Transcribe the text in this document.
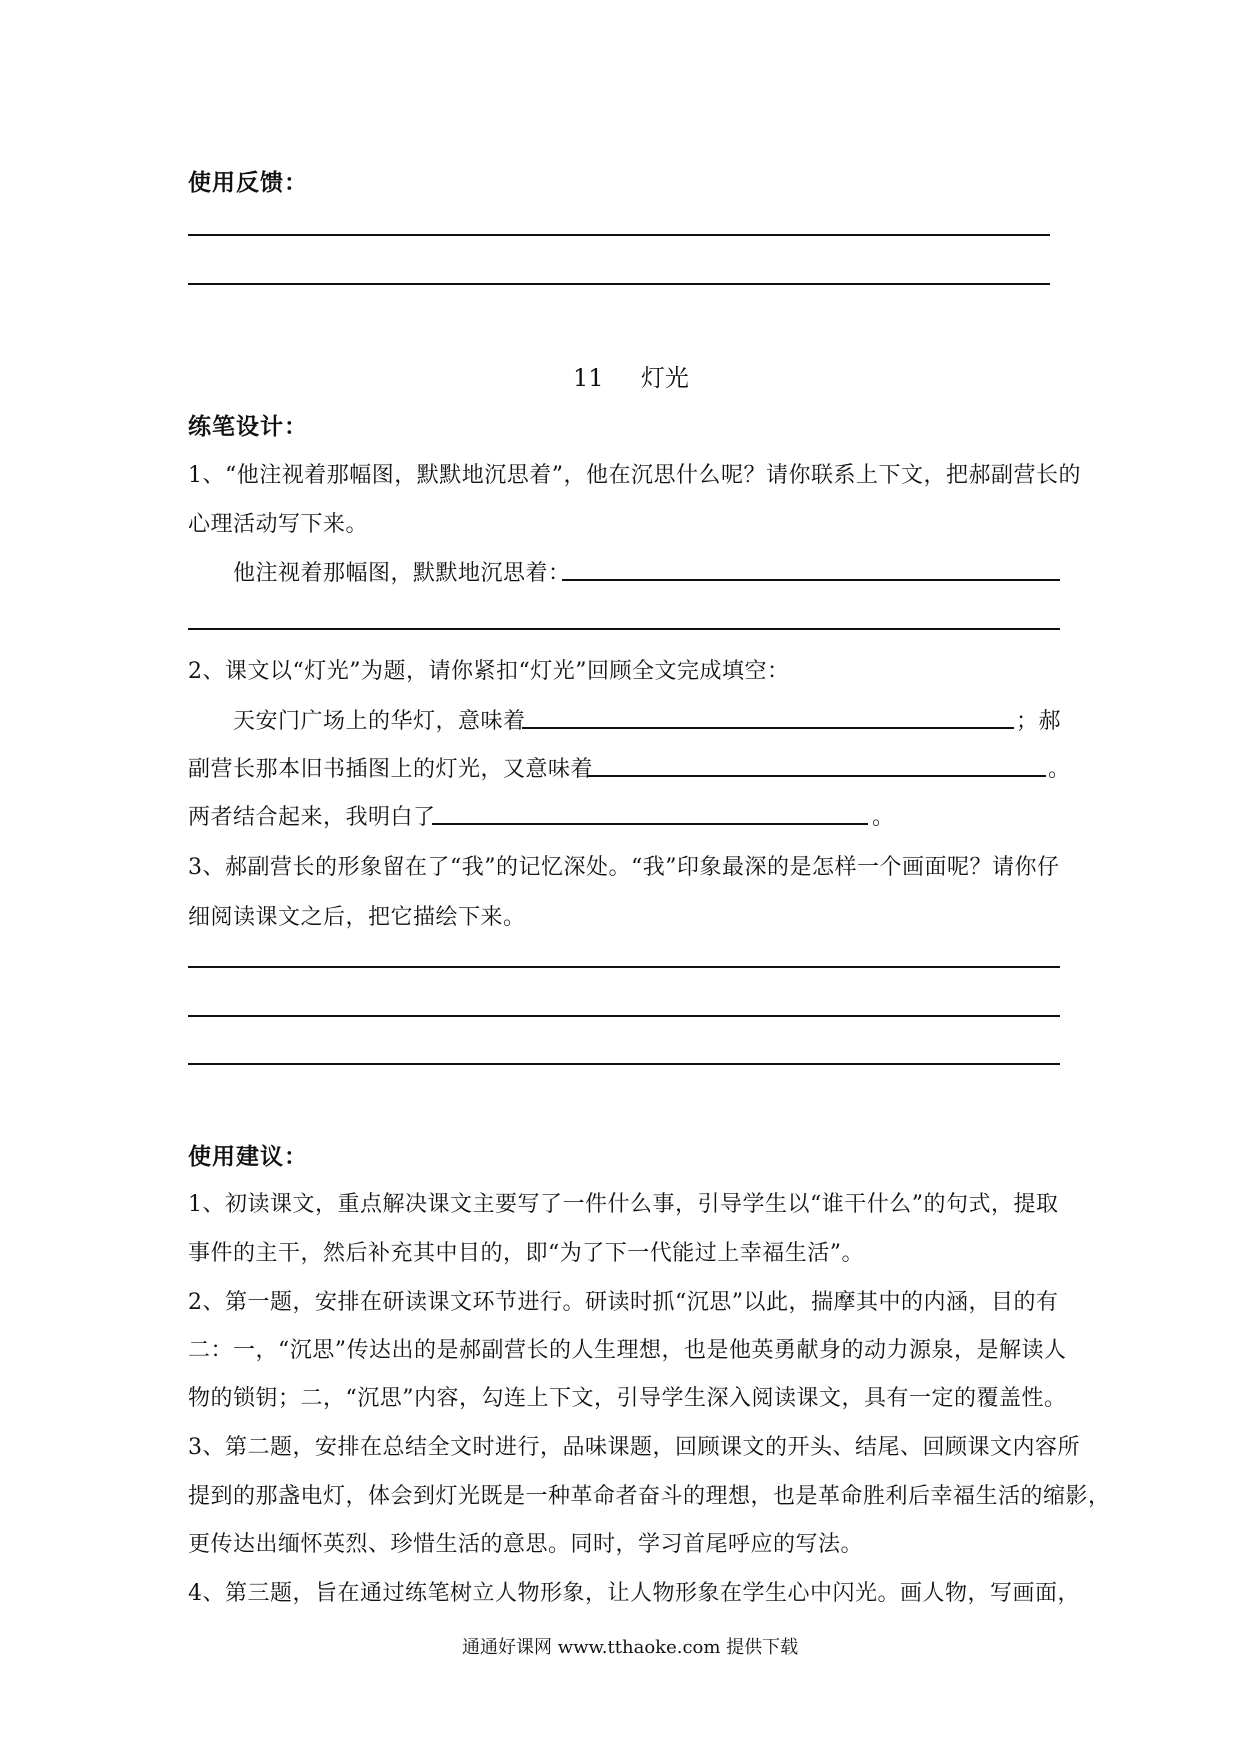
使用反馈：
11 灯光
练笔设计：
1、“他注视着那幅图，默默地沉思着”，他在沉思什么呢？请你联系上下文，把郝副营长的
心理活动写下来。
他注视着那幅图，默默地沉思着：
2、课文以“灯光”为题，请你紧扣“灯光”回顾全文完成填空：
天安门广场上的华灯，意味着	；郝
副营长那本旧书插图上的灯光，又意味着	。
两者结合起来，我明白了	。
3、郝副营长的形象留在了“我”的记忆深处。“我”印象最深的是怎样一个画面呢？请你仔
细阅读课文之后，把它描绘下来。
使用建议：
1、初读课文，重点解决课文主要写了一件什么事，引导学生以“谁干什么”的句式，提取
事件的主干，然后补充其中目的，即“为了下一代能过上幸福生活”。
2、第一题，安排在研读课文环节进行。研读时抓“沉思”以此，揣摩其中的内涵，目的有
二：一，“沉思”传达出的是郝副营长的人生理想，也是他英勇献身的动力源泉，是解读人
物的锁钥；二，“沉思”内容，勾连上下文，引导学生深入阅读课文，具有一定的覆盖性。
3、第二题，安排在总结全文时进行，品味课题，回顾课文的开头、结尾、回顾课文内容所
提到的那盏电灯，体会到灯光既是一种革命者奋斗的理想，也是革命胜利后幸福生活的缩影，
更传达出缅怀英烈、珍惜生活的意思。同时，学习首尾呼应的写法。
4、第三题，旨在通过练笔树立人物形象，让人物形象在学生心中闪光。画人物，写画面，
通通好课网 www.tthaoke.com 提供下载
